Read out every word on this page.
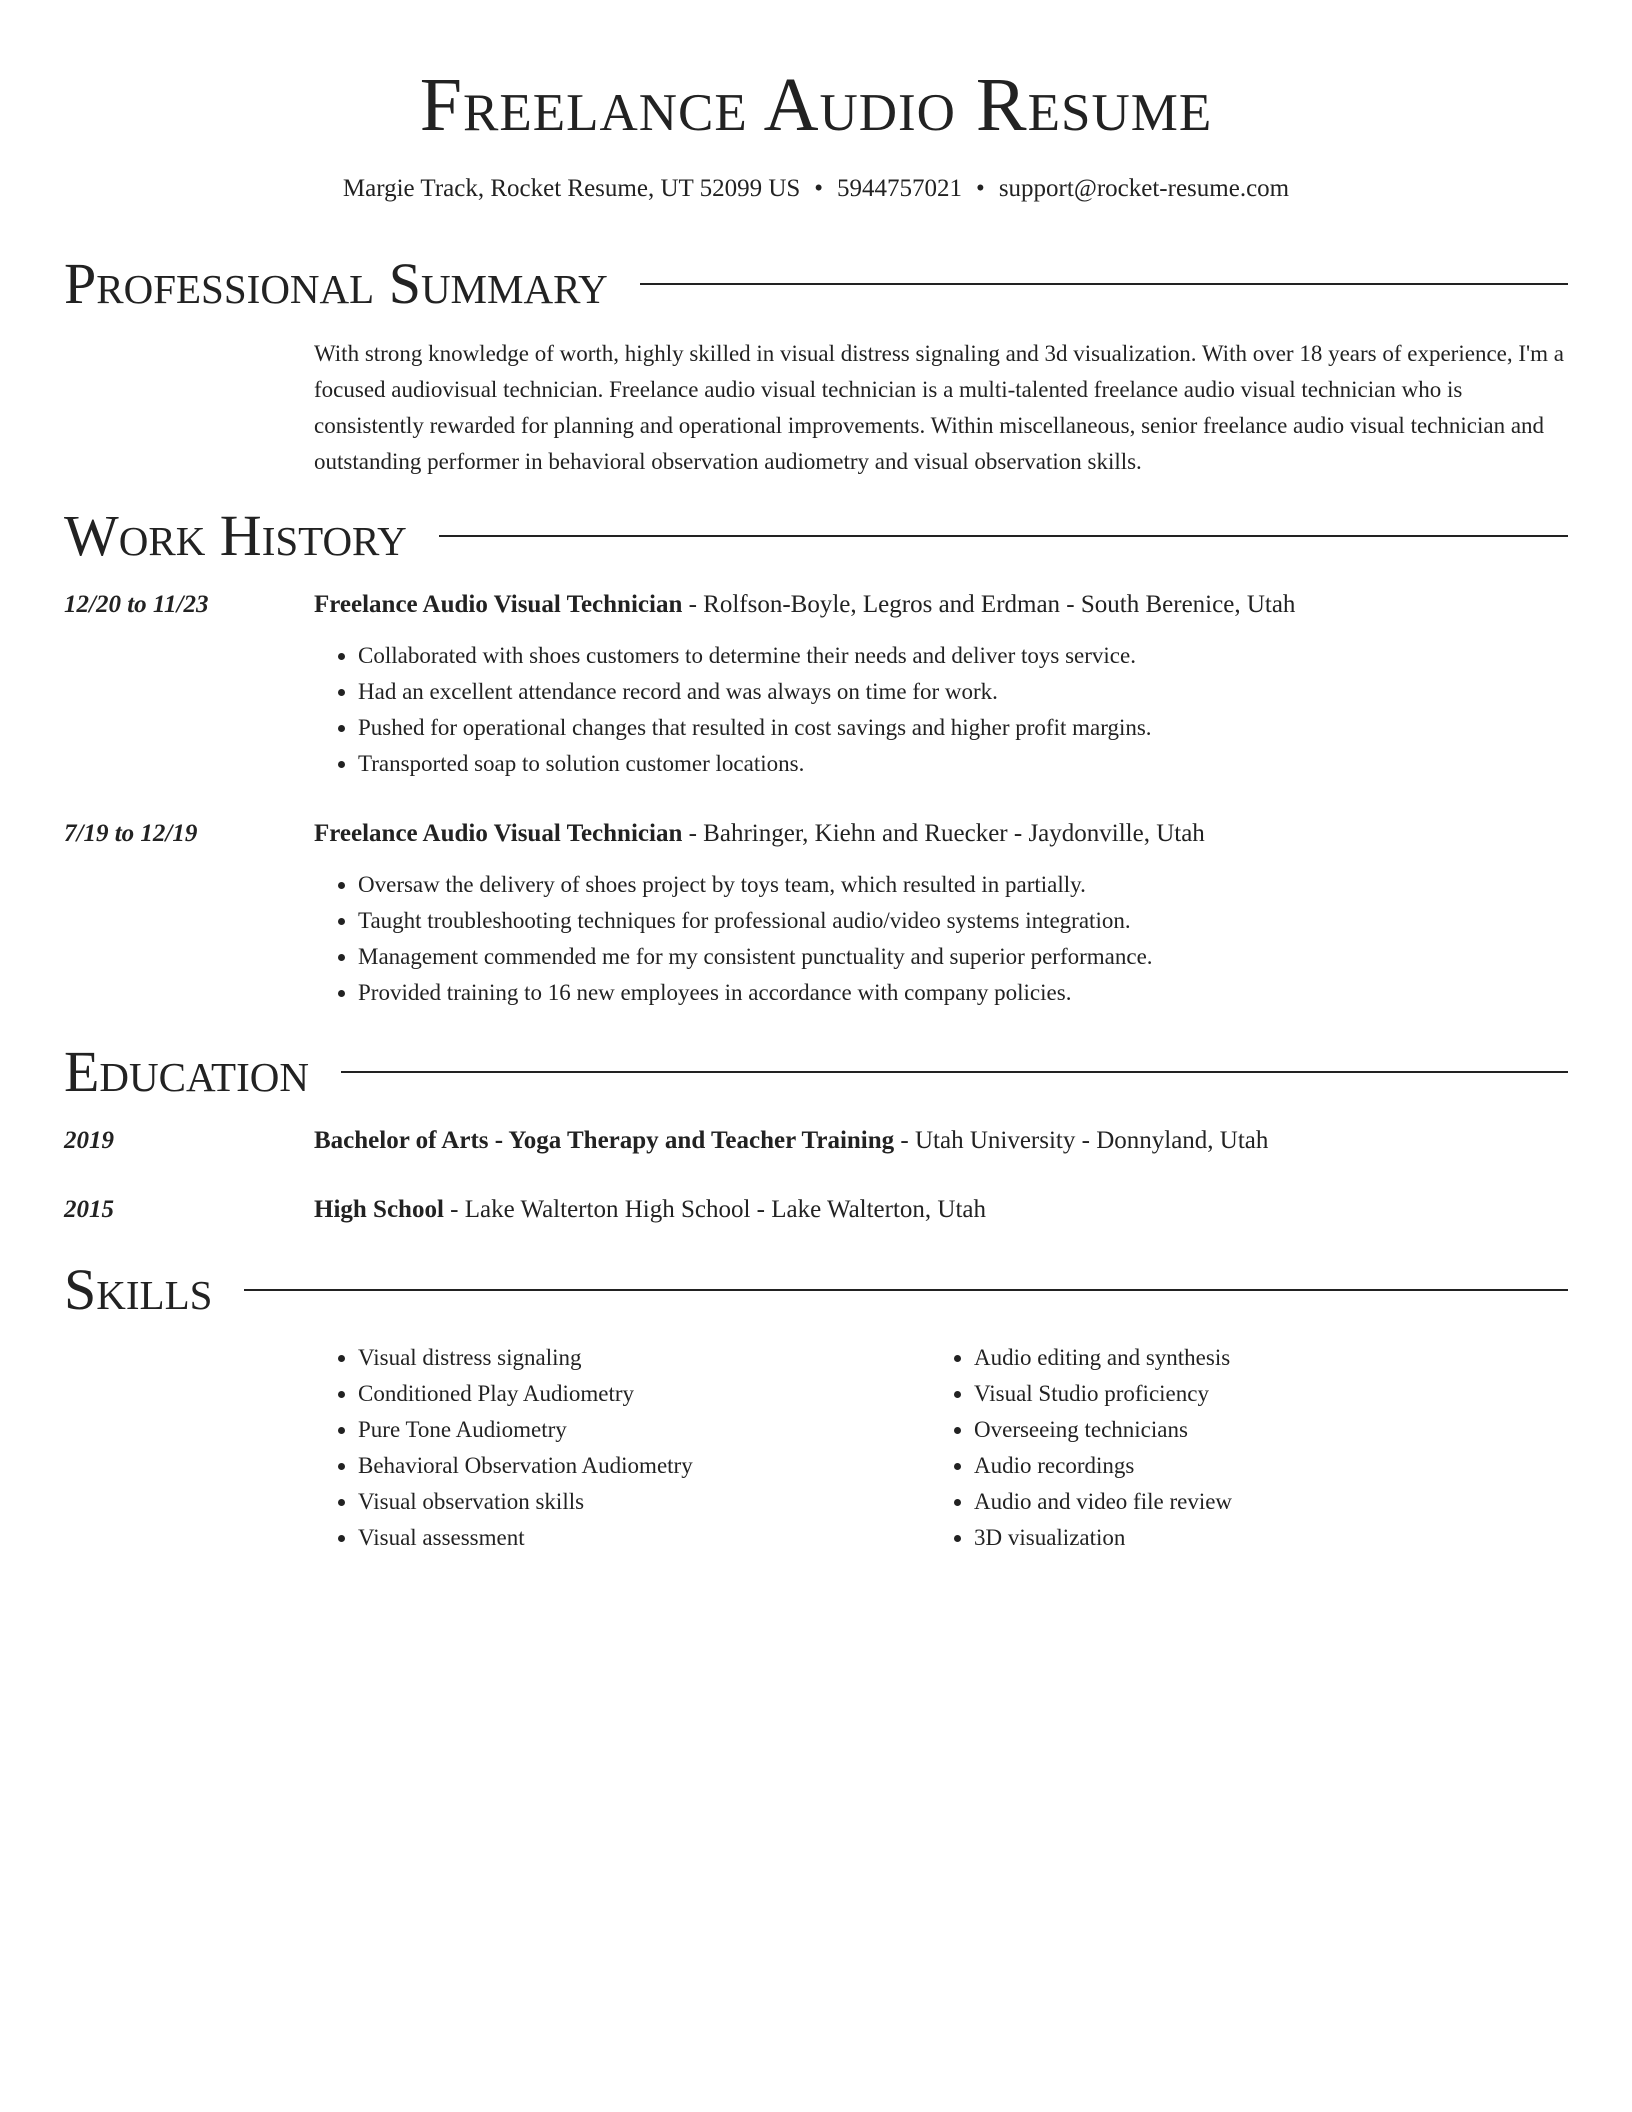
Freelance Audio Resume
Margie Track, Rocket Resume, UT 52099 US • 5944757021 • support@rocket-resume.com
Professional Summary
With strong knowledge of worth, highly skilled in visual distress signaling and 3d visualization. With over 18 years of experience, I'm a focused audiovisual technician. Freelance audio visual technician is a multi-talented freelance audio visual technician who is consistently rewarded for planning and operational improvements. Within miscellaneous, senior freelance audio visual technician and outstanding performer in behavioral observation audiometry and visual observation skills.
Work History
12/20 to 11/23	Freelance Audio Visual Technician - Rolfson-Boyle, Legros and Erdman - South Berenice, Utah
• Collaborated with shoes customers to determine their needs and deliver toys service.
• Had an excellent attendance record and was always on time for work.
• Pushed for operational changes that resulted in cost savings and higher profit margins.
• Transported soap to solution customer locations.
7/19 to 12/19	Freelance Audio Visual Technician - Bahringer, Kiehn and Ruecker - Jaydonville, Utah
• Oversaw the delivery of shoes project by toys team, which resulted in partially.
• Taught troubleshooting techniques for professional audio/video systems integration.
• Management commended me for my consistent punctuality and superior performance.
• Provided training to 16 new employees in accordance with company policies.
Education
2019	Bachelor of Arts - Yoga Therapy and Teacher Training - Utah University - Donnyland, Utah
2015	High School - Lake Walterton High School - Lake Walterton, Utah
Skills
• Visual distress signaling
• Conditioned Play Audiometry
• Pure Tone Audiometry
• Behavioral Observation Audiometry
• Visual observation skills
• Visual assessment
• Audio editing and synthesis
• Visual Studio proficiency
• Overseeing technicians
• Audio recordings
• Audio and video file review
• 3D visualization
